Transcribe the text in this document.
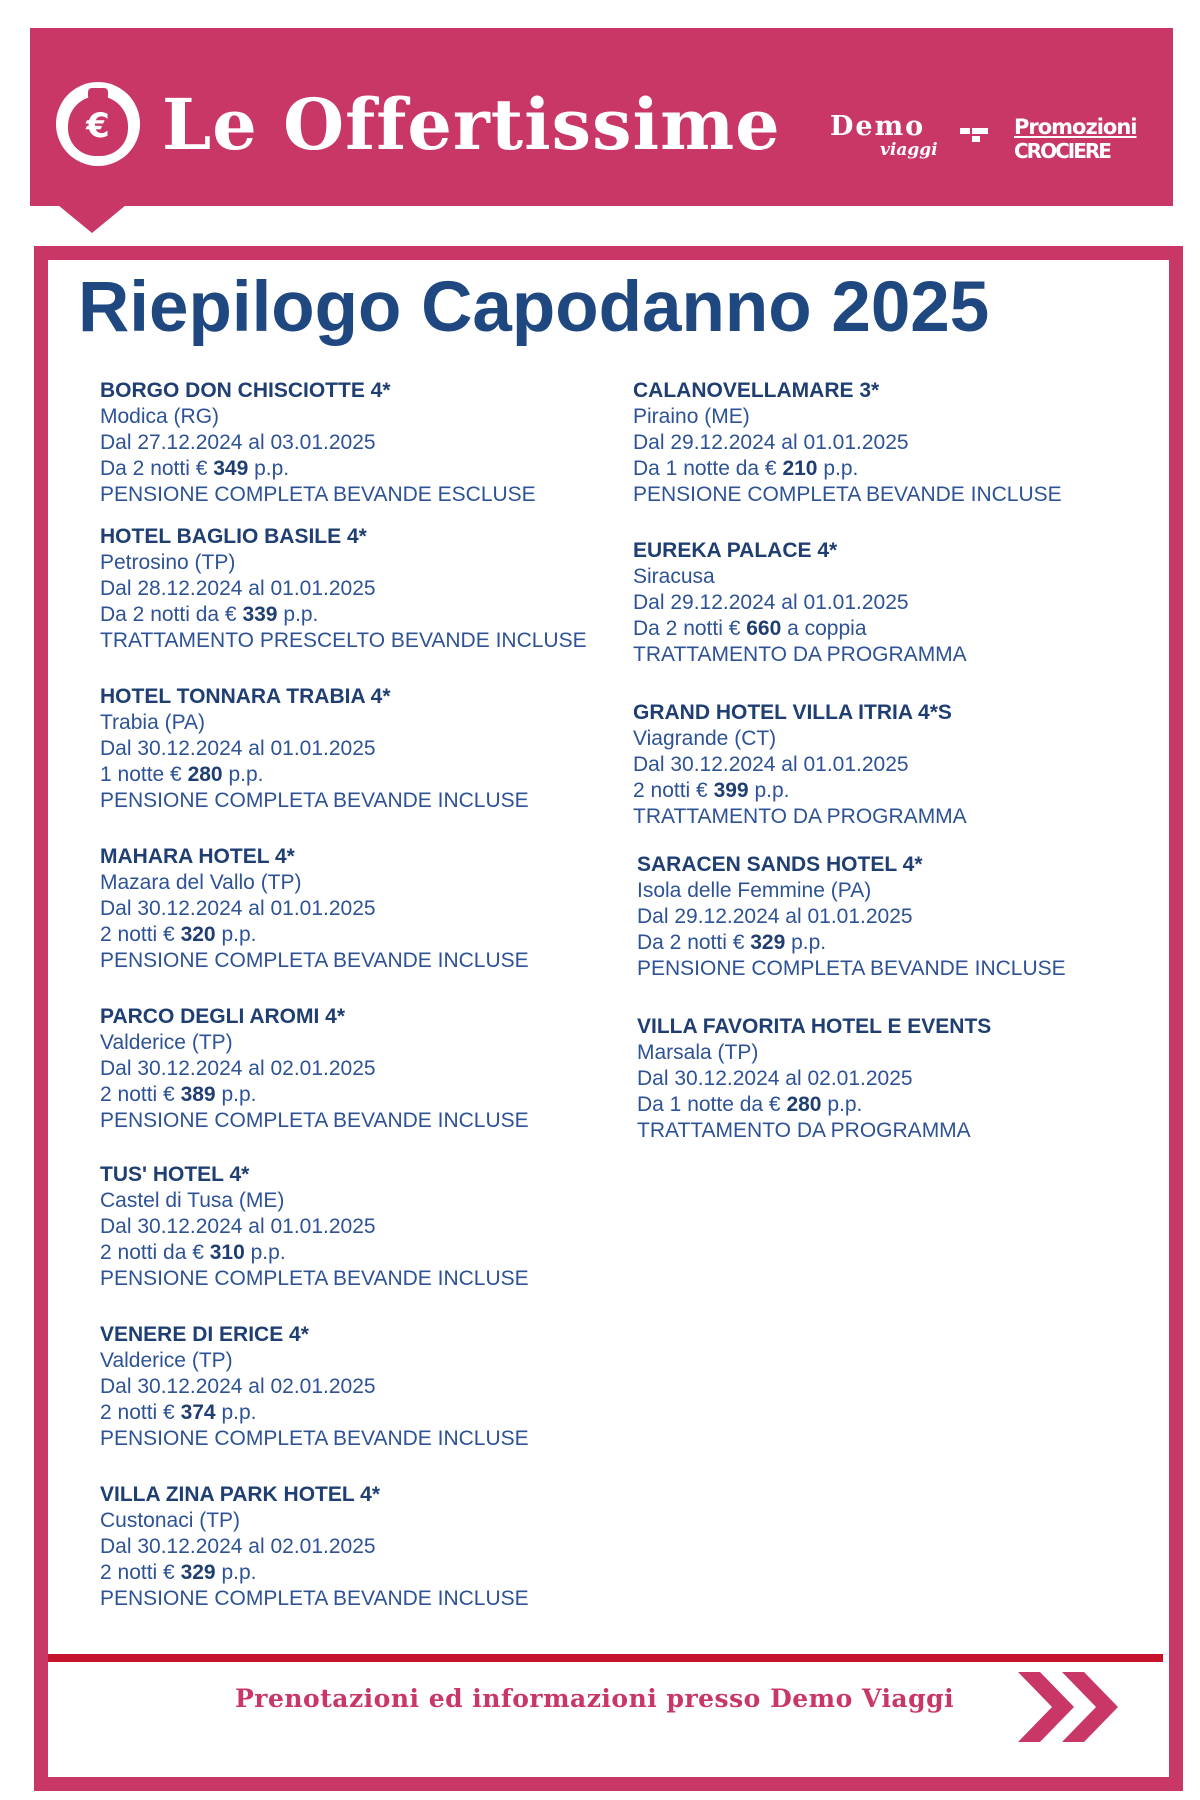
€ Le Offertissime Demo
viaggi
Promozioni
CROCIERE
Riepilogo Capodanno 2025
BORGO DON CHISCIOTTE 4*
Modica (RG)
Dal 27.12.2024 al 03.01.2025
Da 2 notti € 349 p.p.
PENSIONE COMPLETA BEVANDE ESCLUSE
HOTEL BAGLIO BASILE 4*
Petrosino (TP)
Dal 28.12.2024 al 01.01.2025
Da 2 notti da € 339 p.p.
TRATTAMENTO PRESCELTO BEVANDE INCLUSE
HOTEL TONNARA TRABIA 4*
Trabia (PA)
Dal 30.12.2024 al 01.01.2025
1 notte € 280 p.p.
PENSIONE COMPLETA BEVANDE INCLUSE
MAHARA HOTEL 4*
Mazara del Vallo (TP)
Dal 30.12.2024 al 01.01.2025
2 notti € 320 p.p.
PENSIONE COMPLETA BEVANDE INCLUSE
PARCO DEGLI AROMI 4*
Valderice (TP)
Dal 30.12.2024 al 02.01.2025
2 notti € 389 p.p.
PENSIONE COMPLETA BEVANDE INCLUSE
TUS' HOTEL 4*
Castel di Tusa (ME)
Dal 30.12.2024 al 01.01.2025
2 notti da € 310 p.p.
PENSIONE COMPLETA BEVANDE INCLUSE
VENERE DI ERICE 4*
Valderice (TP)
Dal 30.12.2024 al 02.01.2025
2 notti € 374 p.p.
PENSIONE COMPLETA BEVANDE INCLUSE
VILLA ZINA PARK HOTEL 4*
Custonaci (TP)
Dal 30.12.2024 al 02.01.2025
2 notti € 329 p.p.
PENSIONE COMPLETA BEVANDE INCLUSE
CALANOVELLAMARE 3*
Piraino (ME)
Dal 29.12.2024 al 01.01.2025
Da 1 notte da € 210 p.p.
PENSIONE COMPLETA BEVANDE INCLUSE
EUREKA PALACE 4*
Siracusa
Dal 29.12.2024 al 01.01.2025
Da 2 notti € 660 a coppia
TRATTAMENTO DA PROGRAMMA
GRAND HOTEL VILLA ITRIA 4*S
Viagrande (CT)
Dal 30.12.2024 al 01.01.2025
2 notti € 399 p.p.
TRATTAMENTO DA PROGRAMMA
SARACEN SANDS HOTEL 4*
Isola delle Femmine (PA)
Dal 29.12.2024 al 01.01.2025
Da 2 notti € 329 p.p.
PENSIONE COMPLETA BEVANDE INCLUSE
VILLA FAVORITA HOTEL E EVENTS
Marsala (TP)
Dal 30.12.2024 al 02.01.2025
Da 1 notte da € 280 p.p.
TRATTAMENTO DA PROGRAMMA
Prenotazioni ed informazioni presso Demo Viaggi
